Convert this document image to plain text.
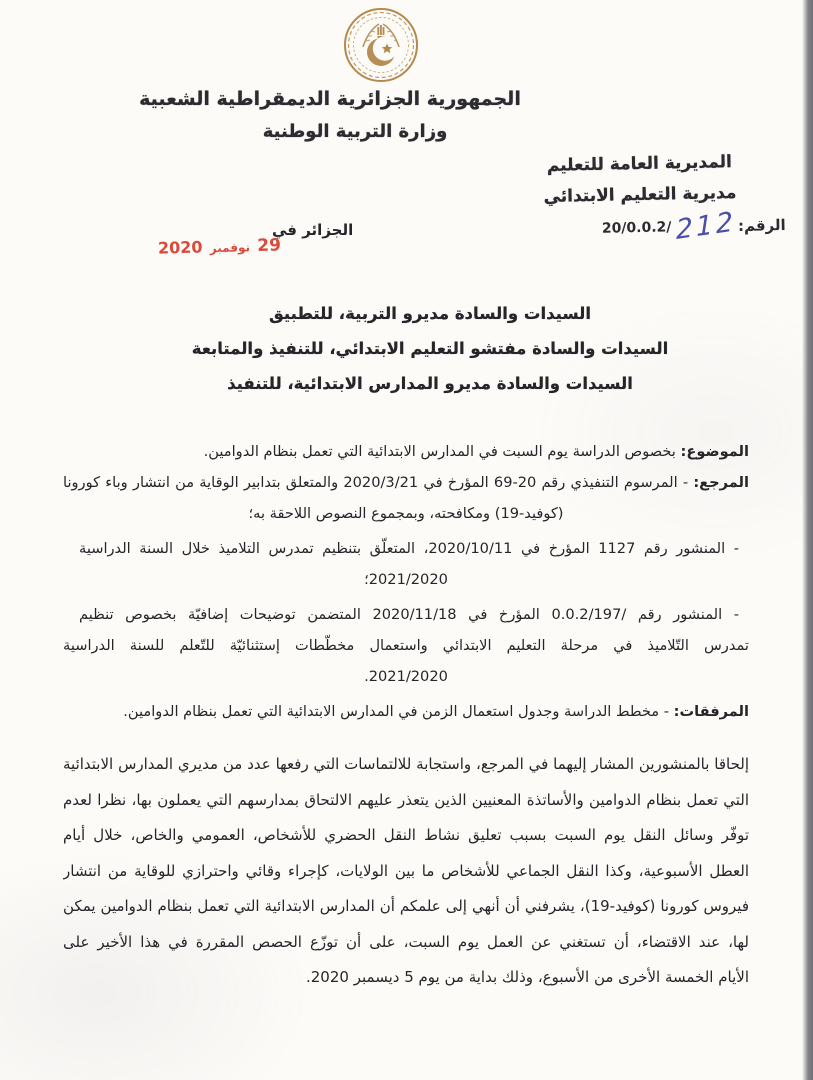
الجمهورية الجزائرية الديمقراطية الشعبية
وزارة التربية الوطنية
المديرية العامة للتعليم
مديرية التعليم الابتدائي
الرقم:
212
20/0.0.2/
الجزائر في
29 نوفمبر 2020
السيدات والسادة مديرو التربية، للتطبيق
السيدات والسادة مفتشو التعليم الابتدائي، للتنفيذ والمتابعة
السيدات والسادة مديرو المدارس الابتدائية، للتنفيذ
الموضوع: بخصوص الدراسة يوم السبت في المدارس الابتدائية التي تعمل بنظام الدوامين.
المرجع: - المرسوم التنفيذي رقم 20-69 المؤرخ في 2020/3/21 والمتعلق بتدابير الوقاية من انتشار وباء كورونا
(كوفيد-19) ومكافحته، وبمجموع النصوص اللاحقة به؛
- المنشور رقم 1127 المؤرخ في 2020/10/11، المتعلّق بتنظيم تمدرس التلاميذ خلال السنة الدراسية
2021/2020؛
- المنشور رقم 0.0.2/197/ المؤرخ في 2020/11/18 المتضمن توضيحات إضافيّة بخصوص تنظيم
تمدرس التّلاميذ في مرحلة التعليم الابتدائي واستعمال مخطّطات إستثنائيّة للتّعلم للسنة الدراسية
2021/2020.
المرفقات: - مخطط الدراسة وجدول استعمال الزمن في المدارس الابتدائية التي تعمل بنظام الدوامين.
إلحاقا بالمنشورين المشار إليهما في المرجع، واستجابة للالتماسات التي رفعها عدد من مديري المدارس الابتدائية
التي تعمل بنظام الدوامين والأساتذة المعنيين الذين يتعذر عليهم الالتحاق بمدارسهم التي يعملون بها، نظرا لعدم
توفّر وسائل النقل يوم السبت بسبب تعليق نشاط النقل الحضري للأشخاص، العمومي والخاص، خلال أيام
العطل الأسبوعية، وكذا النقل الجماعي للأشخاص ما بين الولايات، كإجراء وقائي واحترازي للوقاية من انتشار
فيروس كورونا (كوفيد-19)، يشرفني أن أنهي إلى علمكم أن المدارس الابتدائية التي تعمل بنظام الدوامين يمكن
لها، عند الاقتضاء، أن تستغني عن العمل يوم السبت، على أن توزّع الحصص المقررة في هذا الأخير على
الأيام الخمسة الأخرى من الأسبوع، وذلك بداية من يوم 5 ديسمبر 2020.
